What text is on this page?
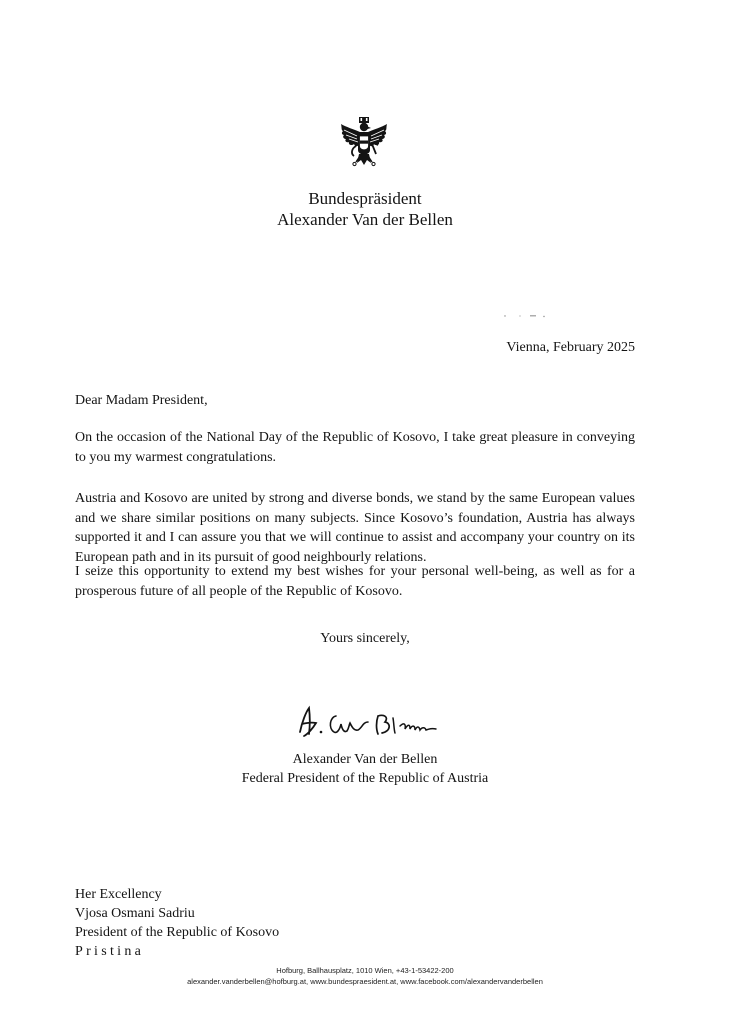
Bundespräsident
Alexander Van der Bellen
Vienna, February 2025
Dear Madam President,

On the occasion of the National Day of the Republic of Kosovo, I take great pleasure in conveying to you my warmest congratulations.

Austria and Kosovo are united by strong and diverse bonds, we stand by the same European values and we share similar positions on many subjects. Since Kosovo’s foundation, Austria has always supported it and I can assure you that we will continue to assist and accompany your country on its European path and in its pursuit of good neighbourly relations.

I seize this opportunity to extend my best wishes for your personal well-being, as well as for a prosperous future of all people of the Republic of Kosovo.

Yours sincerely,
Alexander Van der Bellen
Federal President of the Republic of Austria
Her Excellency
Vjosa Osmani Sadriu
President of the Republic of Kosovo
Pristina
Hofburg, Ballhausplatz, 1010 Wien, +43-1-53422-200
alexander.vanderbellen@hofburg.at, www.bundespraesident.at, www.facebook.com/alexandervanderbellen
